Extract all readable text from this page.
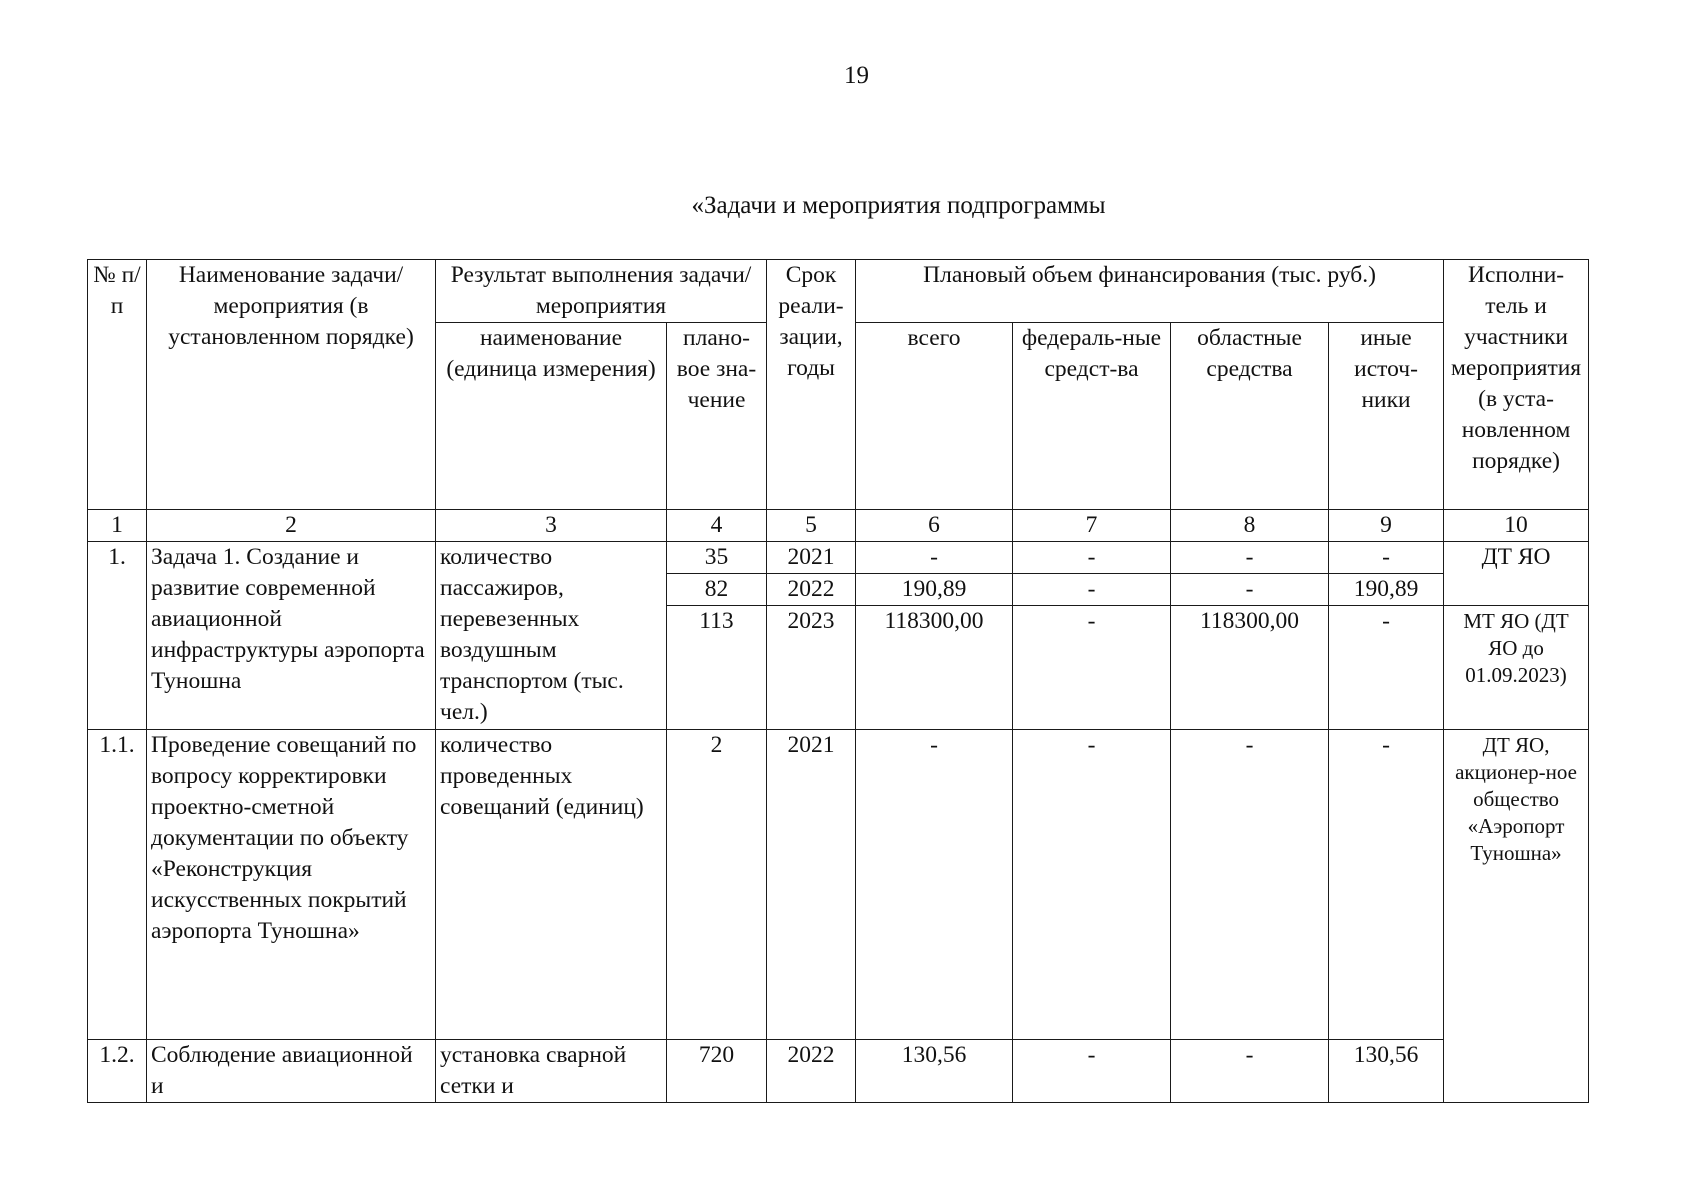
19
«Задачи и мероприятия подпрограммы
№ п/п	Наименование задачи/ мероприятия (в установленном порядке)	Результат выполнения задачи/мероприятия		Срок реали-зации, годы	Плановый объем финансирования (тыс. руб.)				Исполни-тель и участники мероприятия (в уста-новленном порядке)
		наименование (единица измерения)	плано-вое зна-чение		всего	федераль-ные средст-ва	областные средства	иные источ-ники	
1	2	3	4	5	6	7	8	9	10
1.	Задача 1. Создание и развитие современной авиационной инфраструктуры аэропорта Туношна	количество пассажиров, перевезенных воздушным транспортом (тыс. чел.)	35	2021	-	-	-	-	ДТ ЯО
			82	2022	190,89	-	-	190,89	
			113	2023	118300,00	-	118300,00	-	МТ ЯО (ДТ ЯО до 01.09.2023)
1.1.	Проведение совещаний по вопросу корректировки проектно-сметной документации по объекту «Реконструкция искусственных покрытий аэропорта Туношна»	количество проведенных совещаний (единиц)	2	2021	-	-	-	-	ДТ ЯО, акционер-ное общество «Аэропорт Туношна»
1.2.	Соблюдение авиационной и	установка сварной сетки и	720	2022	130,56	-	-	130,56	
